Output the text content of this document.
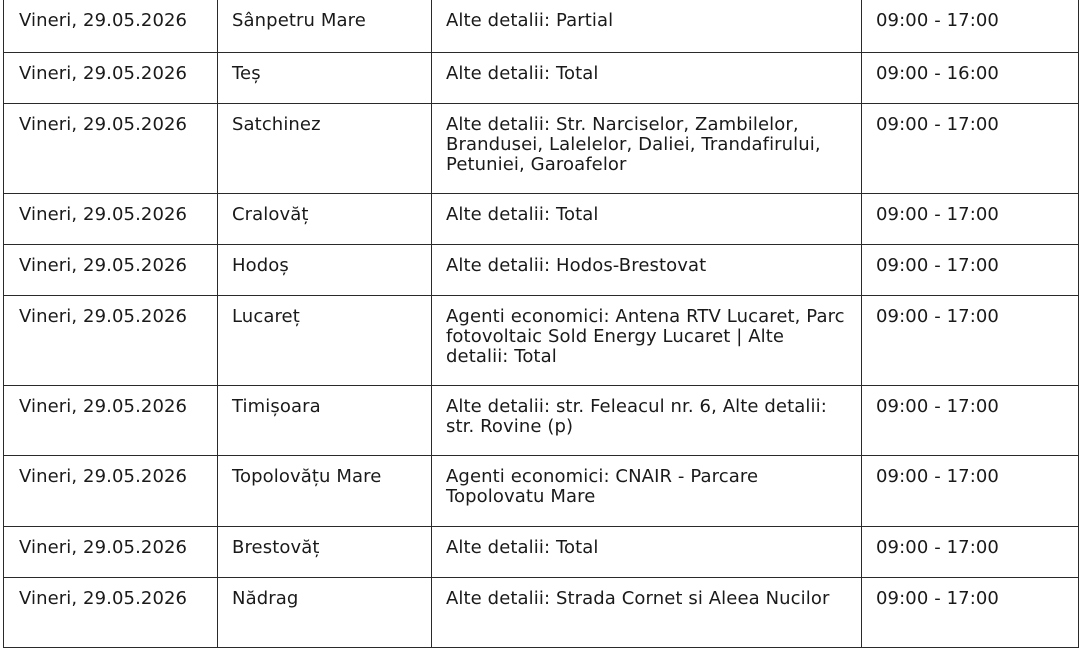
Vineri, 29.05.2026	Sânpetru Mare	Alte detalii: Partial	09:00 - 17:00
Vineri, 29.05.2026	Teș	Alte detalii: Total	09:00 - 16:00
Vineri, 29.05.2026	Satchinez	Alte detalii: Str. Narciselor, Zambilelor, Brandusei, Lalelelor, Daliei, Trandafirului, Petuniei, Garoafelor	09:00 - 17:00
Vineri, 29.05.2026	Cralovăț	Alte detalii: Total	09:00 - 17:00
Vineri, 29.05.2026	Hodoș	Alte detalii: Hodos-Brestovat	09:00 - 17:00
Vineri, 29.05.2026	Lucareț	Agenti economici: Antena RTV Lucaret, Parc fotovoltaic Sold Energy Lucaret | Alte detalii: Total	09:00 - 17:00
Vineri, 29.05.2026	Timișoara	Alte detalii: str. Feleacul nr. 6, Alte detalii: str. Rovine (p)	09:00 - 17:00
Vineri, 29.05.2026	Topolovățu Mare	Agenti economici: CNAIR - Parcare Topolovatu Mare	09:00 - 17:00
Vineri, 29.05.2026	Brestovăț	Alte detalii: Total	09:00 - 17:00
Vineri, 29.05.2026	Nădrag	Alte detalii: Strada Cornet si Aleea Nucilor	09:00 - 17:00
